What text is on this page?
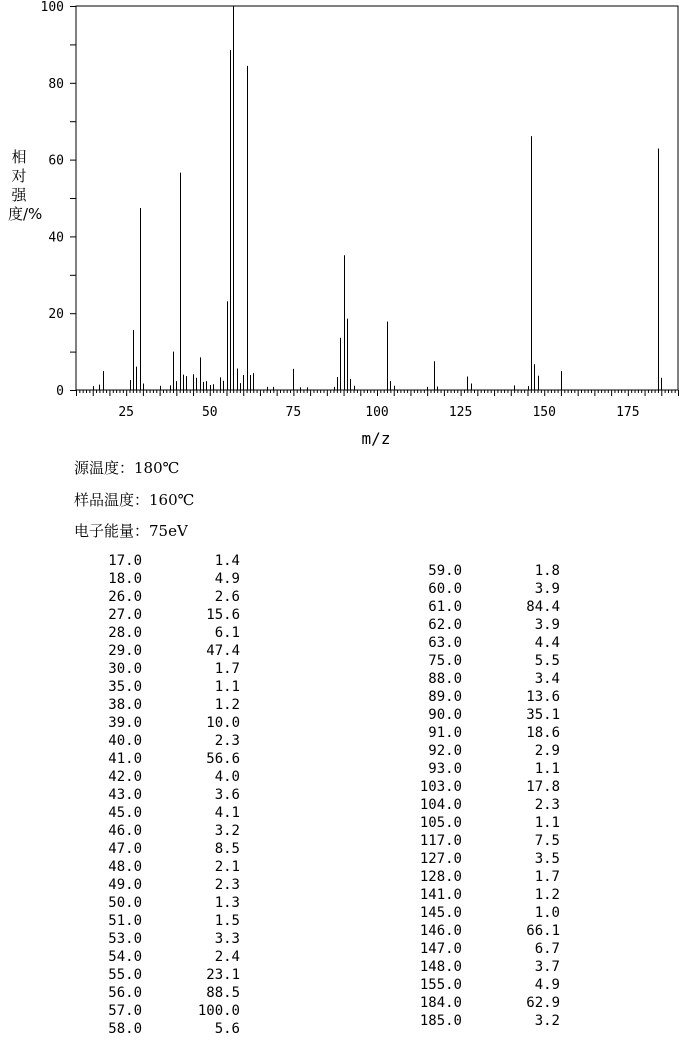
25	50	75	100	125	150	175
0
20
40
60
80
100
m/z
相对强度/%
源温度：180℃
样品温度：160℃
电子能量：75eV
17.0	1.4
18.0	4.9
26.0	2.6
27.0	15.6
28.0	6.1
29.0	47.4
30.0	1.7
35.0	1.1
38.0	1.2
39.0	10.0
40.0	2.3
41.0	56.6
42.0	4.0
43.0	3.6
45.0	4.1
46.0	3.2
47.0	8.5
48.0	2.1
49.0	2.3
50.0	1.3
51.0	1.5
53.0	3.3
54.0	2.4
55.0	23.1
56.0	88.5
57.0	100.0
58.0	5.6
59.0	1.8
60.0	3.9
61.0	84.4
62.0	3.9
63.0	4.4
75.0	5.5
88.0	3.4
89.0	13.6
90.0	35.1
91.0	18.6
92.0	2.9
93.0	1.1
103.0	17.8
104.0	2.3
105.0	1.1
117.0	7.5
127.0	3.5
128.0	1.7
141.0	1.2
145.0	1.0
146.0	66.1
147.0	6.7
148.0	3.7
155.0	4.9
184.0	62.9
185.0	3.2
